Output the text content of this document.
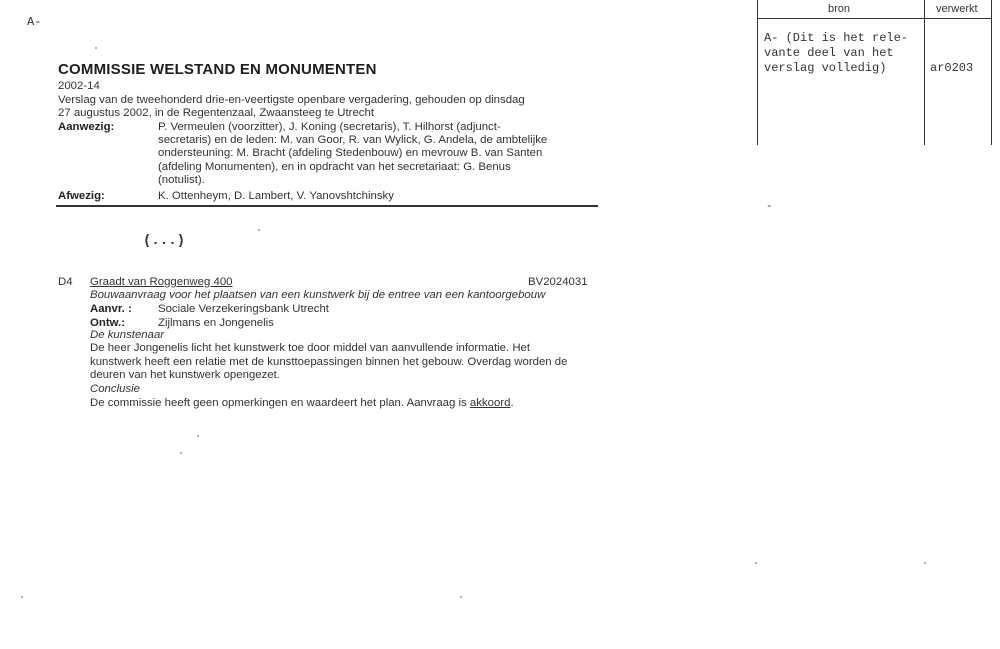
A-
bron	verwerkt
A- (Dit is het rele-
vante deel van het
verslag volledig)	ar0203
-
COMMISSIE WELSTAND EN MONUMENTEN
2002-14
Verslag van de tweehonderd drie-en-veertigste openbare vergadering, gehouden op dinsdag
27 augustus 2002, in de Regentenzaal, Zwaansteeg te Utrecht
Aanwezig:	P. Vermeulen (voorzitter), J. Koning (secretaris), T. Hilhorst (adjunct-
secretaris) en de leden: M. van Goor, R. van Wylick, G. Andela, de ambtelijke
ondersteuning: M. Bracht (afdeling Stedenbouw) en mevrouw B. van Santen
(afdeling Monumenten), en in opdracht van het secretariaat: G. Benus
(notulist).
Afwezig:	K. Ottenheym, D. Lambert, V. Yanovshtchinsky
(...)
D4 Graadt van Roggenweg 400	BV2024031
Bouwaanvraag voor het plaatsen van een kunstwerk bij de entree van een kantoorgebouw
Aanvr. : Sociale Verzekeringsbank Utrecht
Ontw.:	Zijlmans en Jongenelis
De kunstenaar
De heer Jongenelis licht het kunstwerk toe door middel van aanvullende informatie. Het
kunstwerk heeft een relatie met de kunsttoepassingen binnen het gebouw. Overdag worden de
deuren van het kunstwerk opengezet.
Conclusie
De commissie heeft geen opmerkingen en waardeert het plan. Aanvraag is akkoord.
